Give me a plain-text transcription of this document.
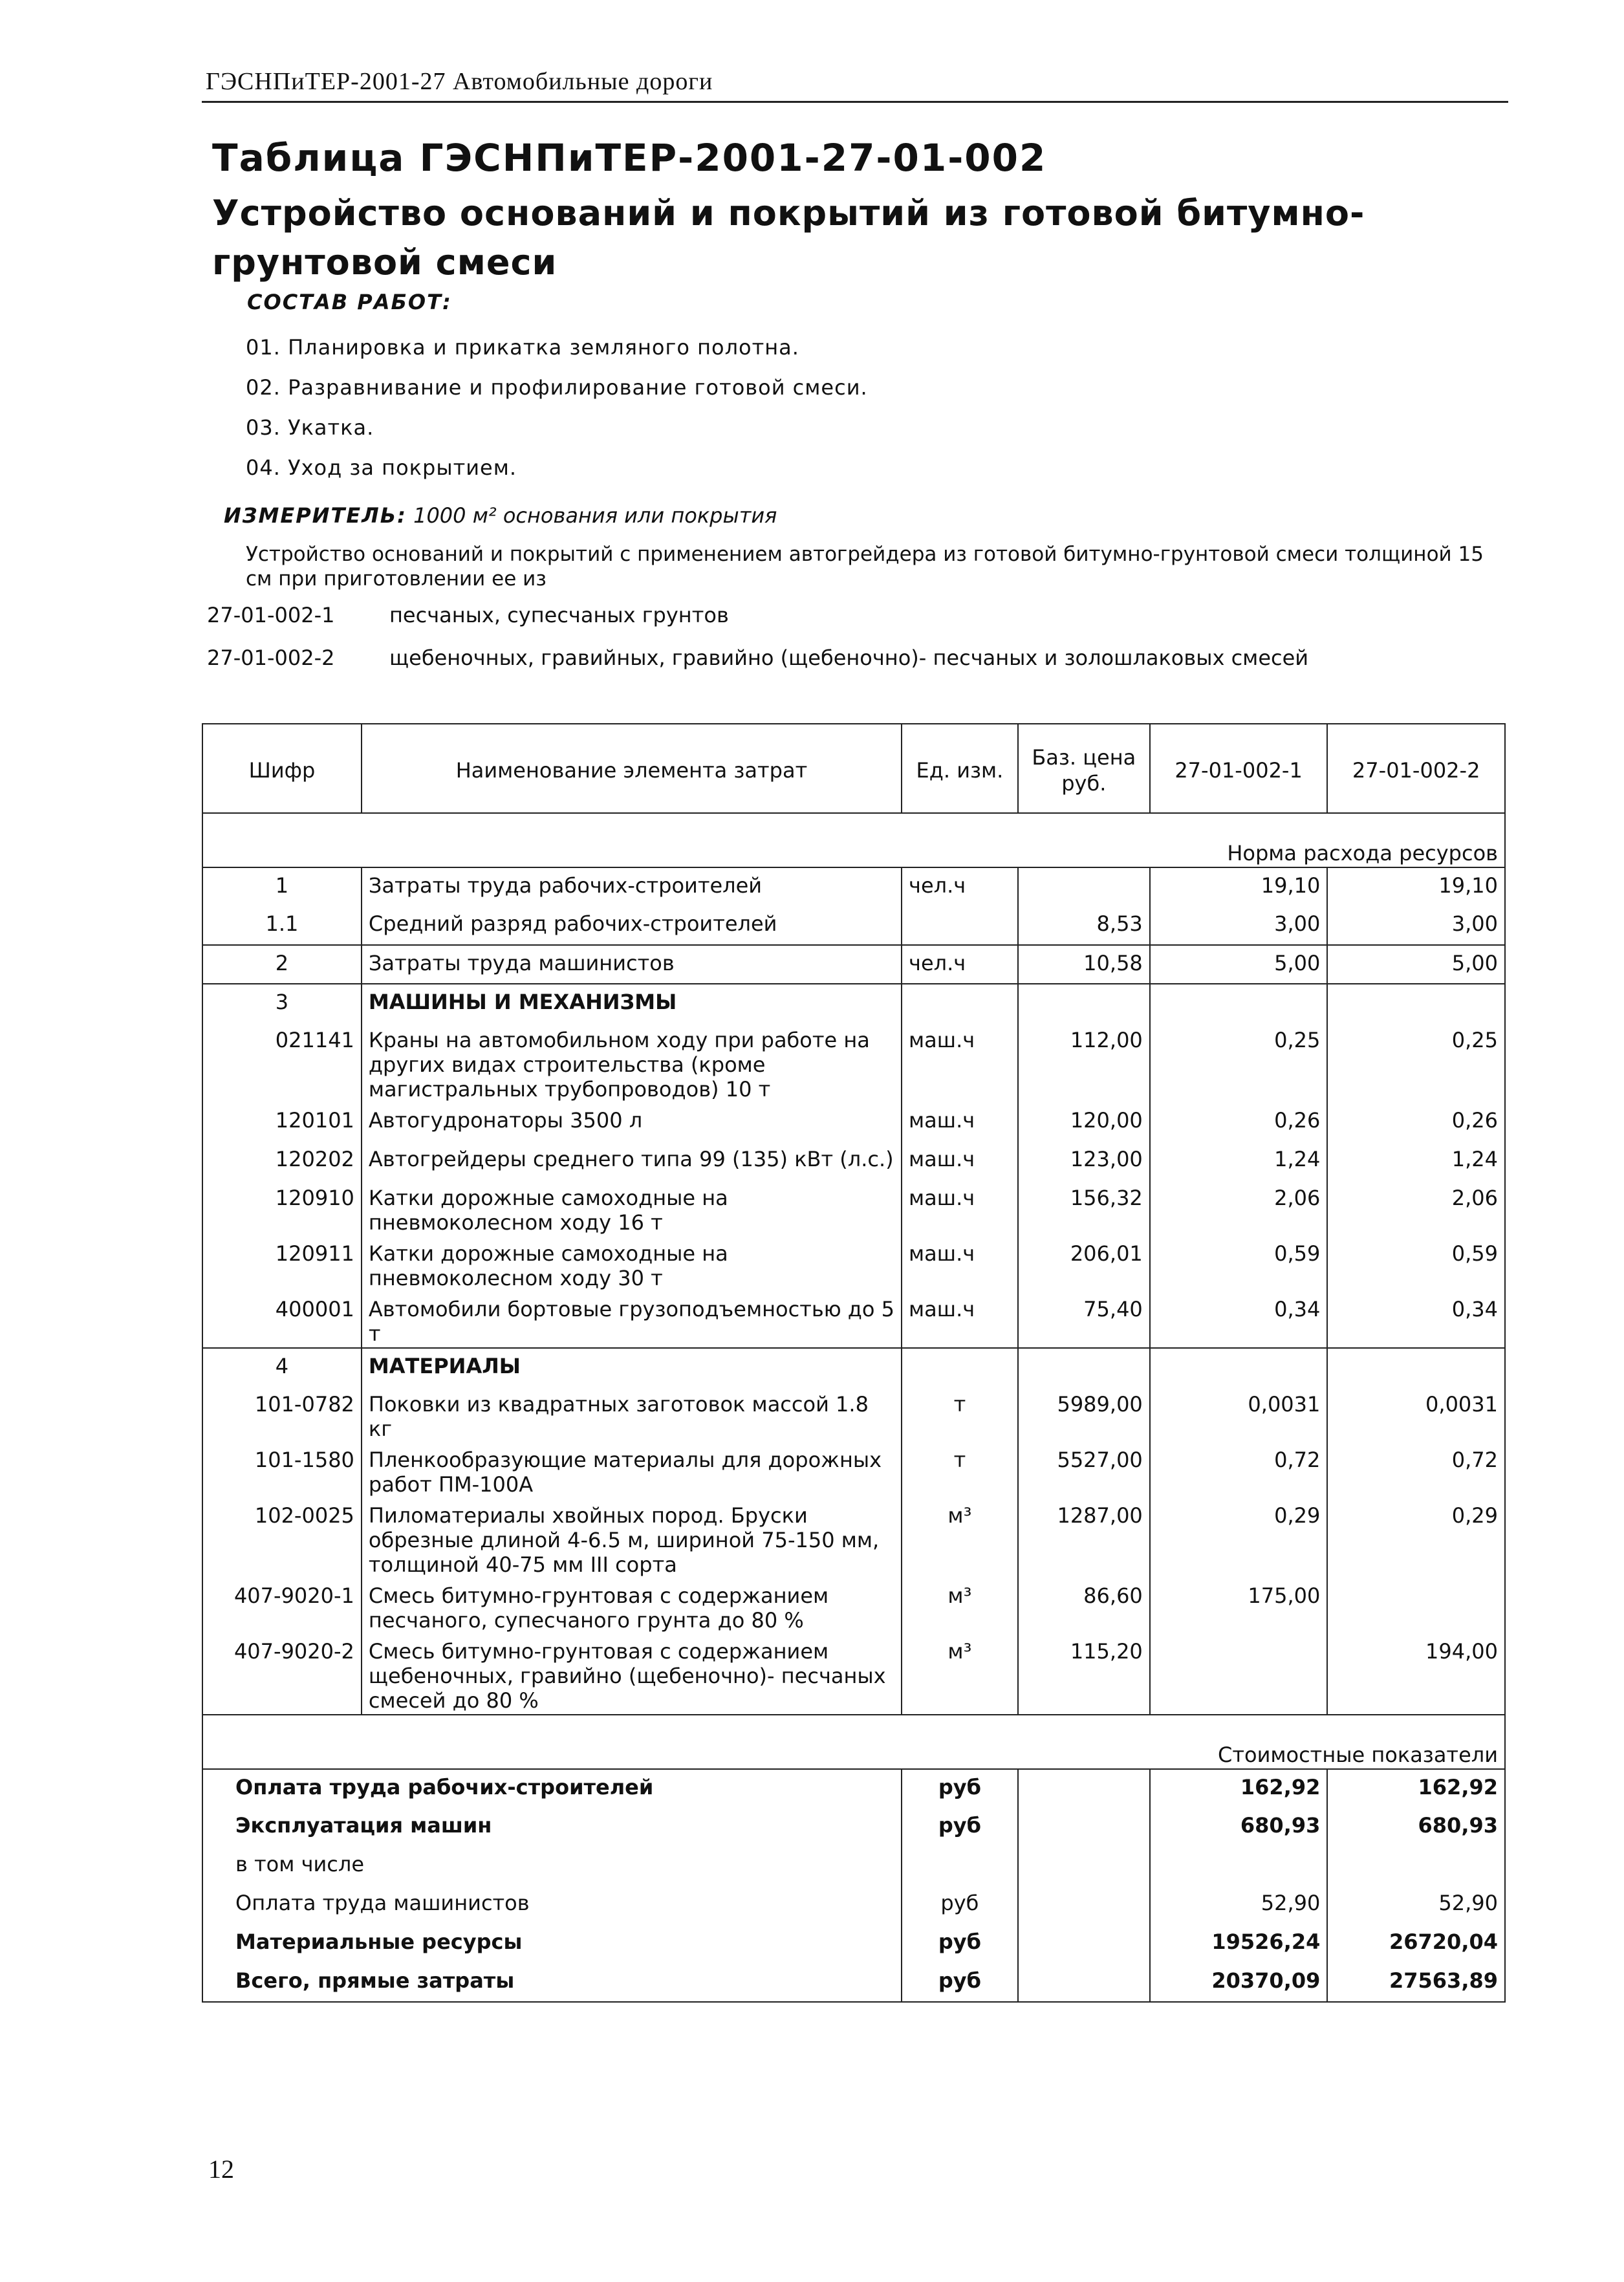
ГЭСНПиТЕР-2001-27 Автомобильные дороги
Таблица ГЭСНПиТЕР-2001-27-01-002
Устройство оснований и покрытий из готовой битумно-грунтовой смеси
СОСТАВ РАБОТ:
01. Планировка и прикатка земляного полотна.
02. Разравнивание и профилирование готовой смеси.
03. Укатка.
04. Уход за покрытием.
ИЗМЕРИТЕЛЬ: 1000 м² основания или покрытия
Устройство оснований и покрытий с применением автогрейдера из готовой битумно-грунтовой смеси толщиной 15 см при приготовлении ее из
27-01-002-1	песчаных, супесчаных грунтов
27-01-002-2	щебеночных, гравийных, гравийно (щебеночно)- песчаных и золошлаковых смесей
Шифр	Наименование элемента затрат	Ед. изм.	Баз. цена руб.	27-01-002-1	27-01-002-2
Норма расхода ресурсов					
1	Затраты труда рабочих-строителей	чел.ч		19,10	19,10
1.1	Средний разряд рабочих-строителей		8,53	3,00	3,00
2	Затраты труда машинистов	чел.ч	10,58	5,00	5,00
3	МАШИНЫ И МЕХАНИЗМЫ				
021141	Краны на автомобильном ходу при работе на других видах строительства (кроме магистральных трубопроводов) 10 т	маш.ч	112,00	0,25	0,25
120101	Автогудронаторы 3500 л	маш.ч	120,00	0,26	0,26
120202	Автогрейдеры среднего типа 99 (135) кВт (л.с.)	маш.ч	123,00	1,24	1,24
120910	Катки дорожные самоходные на пневмоколесном ходу 16 т	маш.ч	156,32	2,06	2,06
120911	Катки дорожные самоходные на пневмоколесном ходу 30 т	маш.ч	206,01	0,59	0,59
400001	Автомобили бортовые грузоподъемностью до 5 т	маш.ч	75,40	0,34	0,34
4	МАТЕРИАЛЫ				
101-0782	Поковки из квадратных заготовок массой 1.8 кг	т	5989,00	0,0031	0,0031
101-1580	Пленкообразующие материалы для дорожных работ ПМ-100А	т	5527,00	0,72	0,72
102-0025	Пиломатериалы хвойных пород. Бруски обрезные длиной 4-6.5 м, шириной 75-150 мм, толщиной 40-75 мм III сорта	м³	1287,00	0,29	0,29
407-9020-1	Смесь битумно-грунтовая с содержанием песчаного, супесчаного грунта до 80 %	м³	86,60	175,00	
407-9020-2	Смесь битумно-грунтовая с содержанием щебеночных, гравийно (щебеночно)- песчаных смесей до 80 %	м³	115,20		194,00
Стоимостные показатели					
Оплата труда рабочих-строителей		руб		162,92	162,92
Эксплуатация машин		руб		680,93	680,93
в том числе					
Оплата труда машинистов		руб		52,90	52,90
Материальные ресурсы		руб		19526,24	26720,04
Всего, прямые затраты		руб		20370,09	27563,89
12
